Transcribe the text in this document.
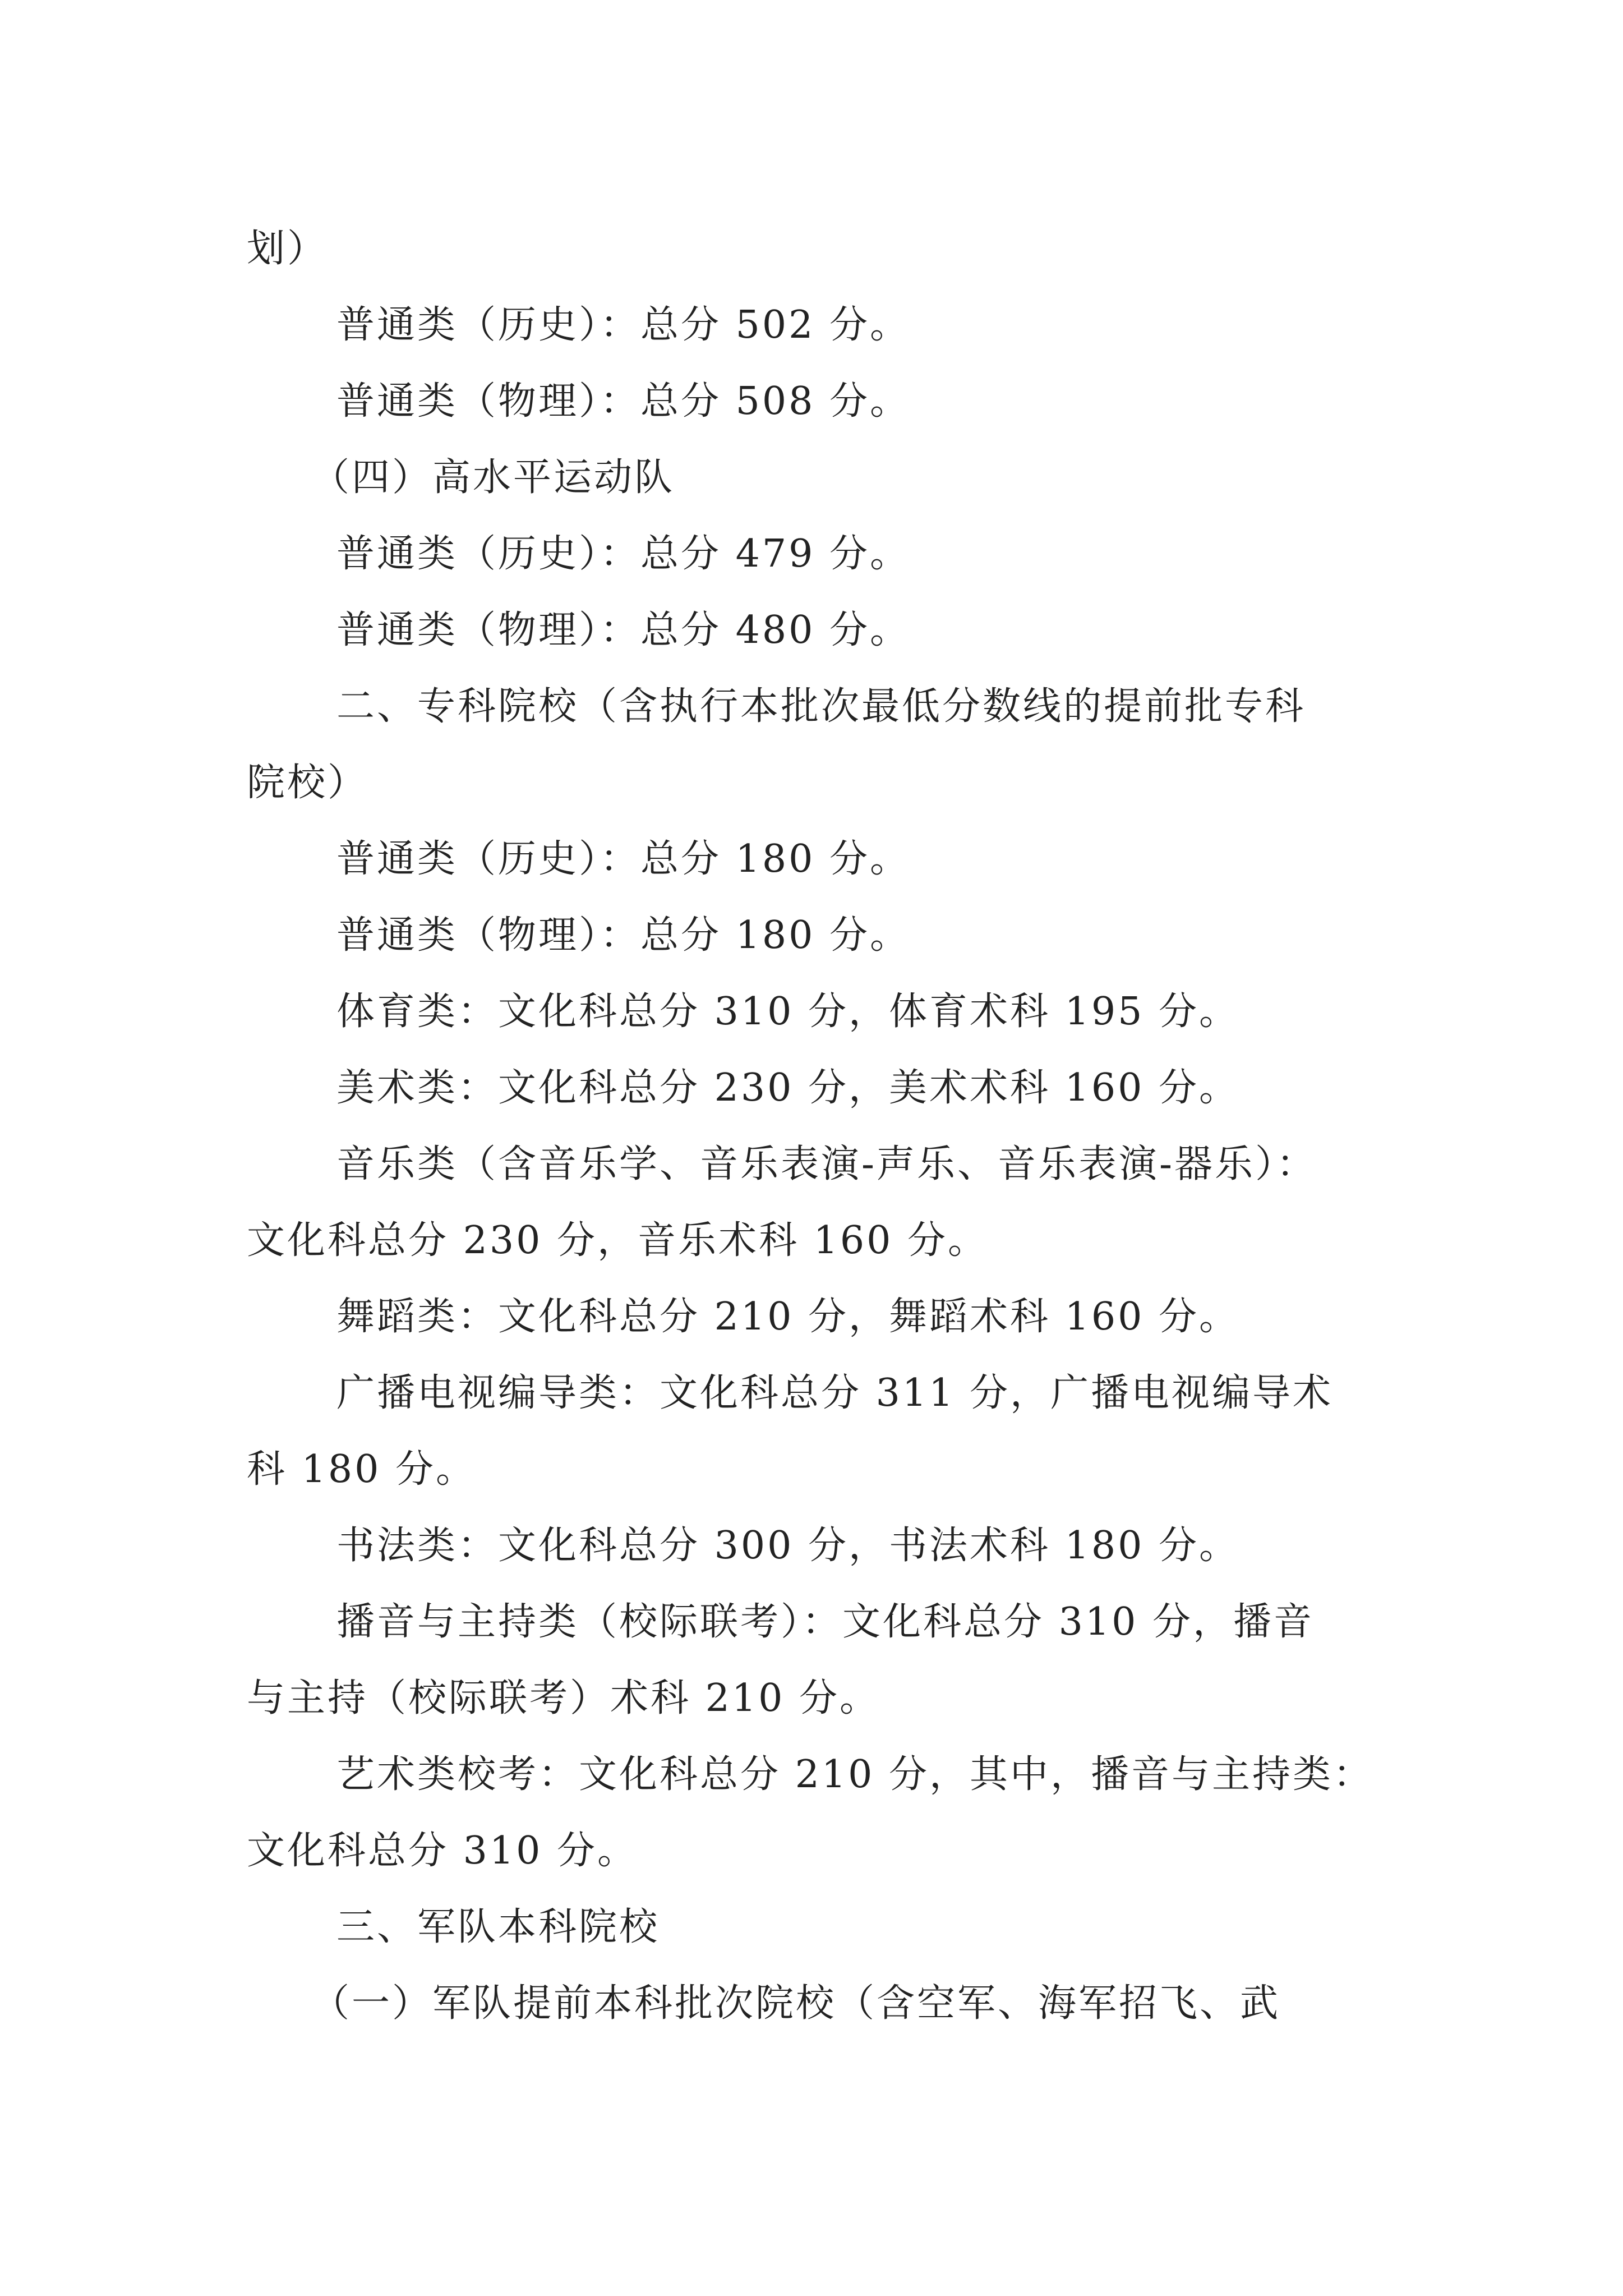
划）

普通类（历史）：总分 502 分。

普通类（物理）：总分 508 分。

（四）高水平运动队

普通类（历史）：总分 479 分。

普通类（物理）：总分 480 分。

二、专科院校（含执行本批次最低分数线的提前批专科

院校）

普通类（历史）：总分 180 分。

普通类（物理）：总分 180 分。

体育类：文化科总分 310 分，体育术科 195 分。

美术类：文化科总分 230 分，美术术科 160 分。

音乐类（含音乐学、音乐表演-声乐、音乐表演-器乐）：

文化科总分 230 分，音乐术科 160 分。

舞蹈类：文化科总分 210 分，舞蹈术科 160 分。

广播电视编导类：文化科总分 311 分，广播电视编导术

科 180 分。

书法类：文化科总分 300 分，书法术科 180 分。

播音与主持类（校际联考）：文化科总分 310 分，播音

与主持（校际联考）术科 210 分。

艺术类校考：文化科总分 210 分，其中，播音与主持类：

文化科总分 310 分。

三、军队本科院校

（一）军队提前本科批次院校（含空军、海军招飞、武
